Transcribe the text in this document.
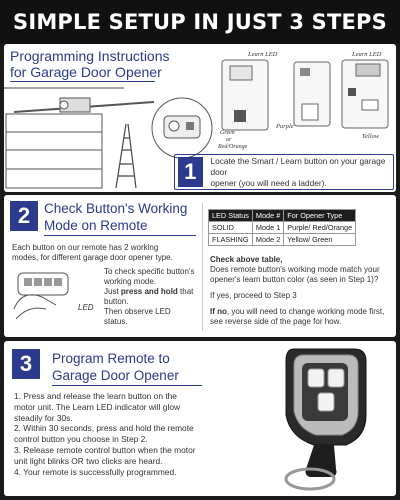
SIMPLE SETUP IN JUST 3 STEPS
Programming Instructions
for Garage Door Opener
Learn LED	Learn LED
Green
or
Red/Orange
Purple
Yellow
1	Locate the Smart / Learn button on your garage door
opener (you will need a ladder).
2	Check Button's Working
Mode on Remote
Each button on our remote has 2 working
modes, for different garage door opener type.
LED
To check specific button's
working mode.
Just press and hold that
button.
Then observe LED
status.
LED Status	Mode #	For Opener Type
SOLID	Mode 1	Purple/ Red/Orange
FLASHING	Mode 2	Yellow/ Green
Check above table,
Does remote button's working mode match your
opener's learn button color (as seen in Step 1)?
If yes, proceed to Step 3
If no, you will need to change working mode first,
see reverse side of the page for how.
3	Program Remote to
Garage Door Opener

1. Press and release the learn button on the

motor unit. The Learn LED indicator will glow

steadily for 30s.

2. Within 30 seconds, press and hold the remote

control button you choose in Step 2.

3. Release remote control button when the motor

unit light blinks OR two clicks are heard.

4. Your remote is successfully programmed.
